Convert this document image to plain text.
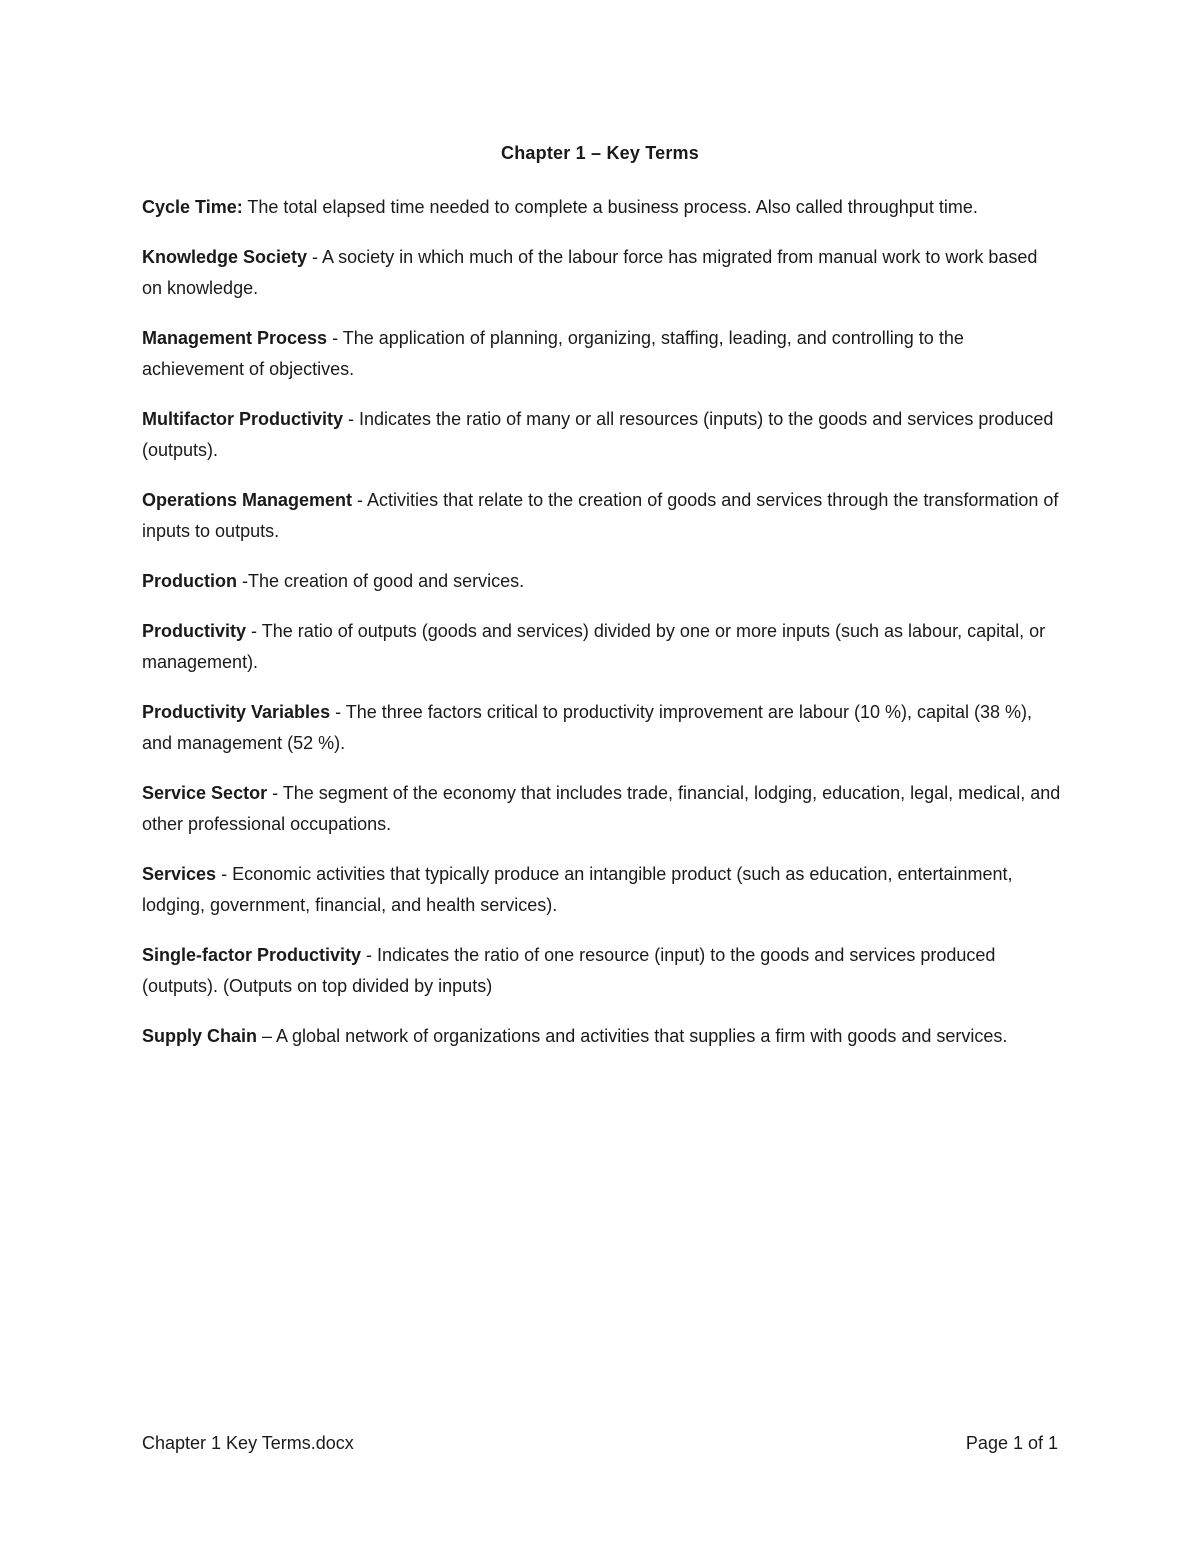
Chapter 1 – Key Terms
Cycle Time: The total elapsed time needed to complete a business process. Also called throughput time.
Knowledge Society - A society in which much of the labour force has migrated from manual work to work based on knowledge.
Management Process - The application of planning, organizing, staffing, leading, and controlling to the achievement of objectives.
Multifactor Productivity - Indicates the ratio of many or all resources (inputs) to the goods and services produced (outputs).
Operations Management - Activities that relate to the creation of goods and services through the transformation of inputs to outputs.
Production -The creation of good and services.
Productivity - The ratio of outputs (goods and services) divided by one or more inputs (such as labour, capital, or management).
Productivity Variables - The three factors critical to productivity improvement are labour (10 %), capital (38 %), and management (52 %).
Service Sector - The segment of the economy that includes trade, financial, lodging, education, legal, medical, and other professional occupations.
Services - Economic activities that typically produce an intangible product (such as education, entertainment, lodging, government, financial, and health services).
Single-factor Productivity - Indicates the ratio of one resource (input) to the goods and services produced (outputs). (Outputs on top divided by inputs)
Supply Chain – A global network of organizations and activities that supplies a firm with goods and services.
Chapter 1 Key Terms.docx	Page 1 of 1
